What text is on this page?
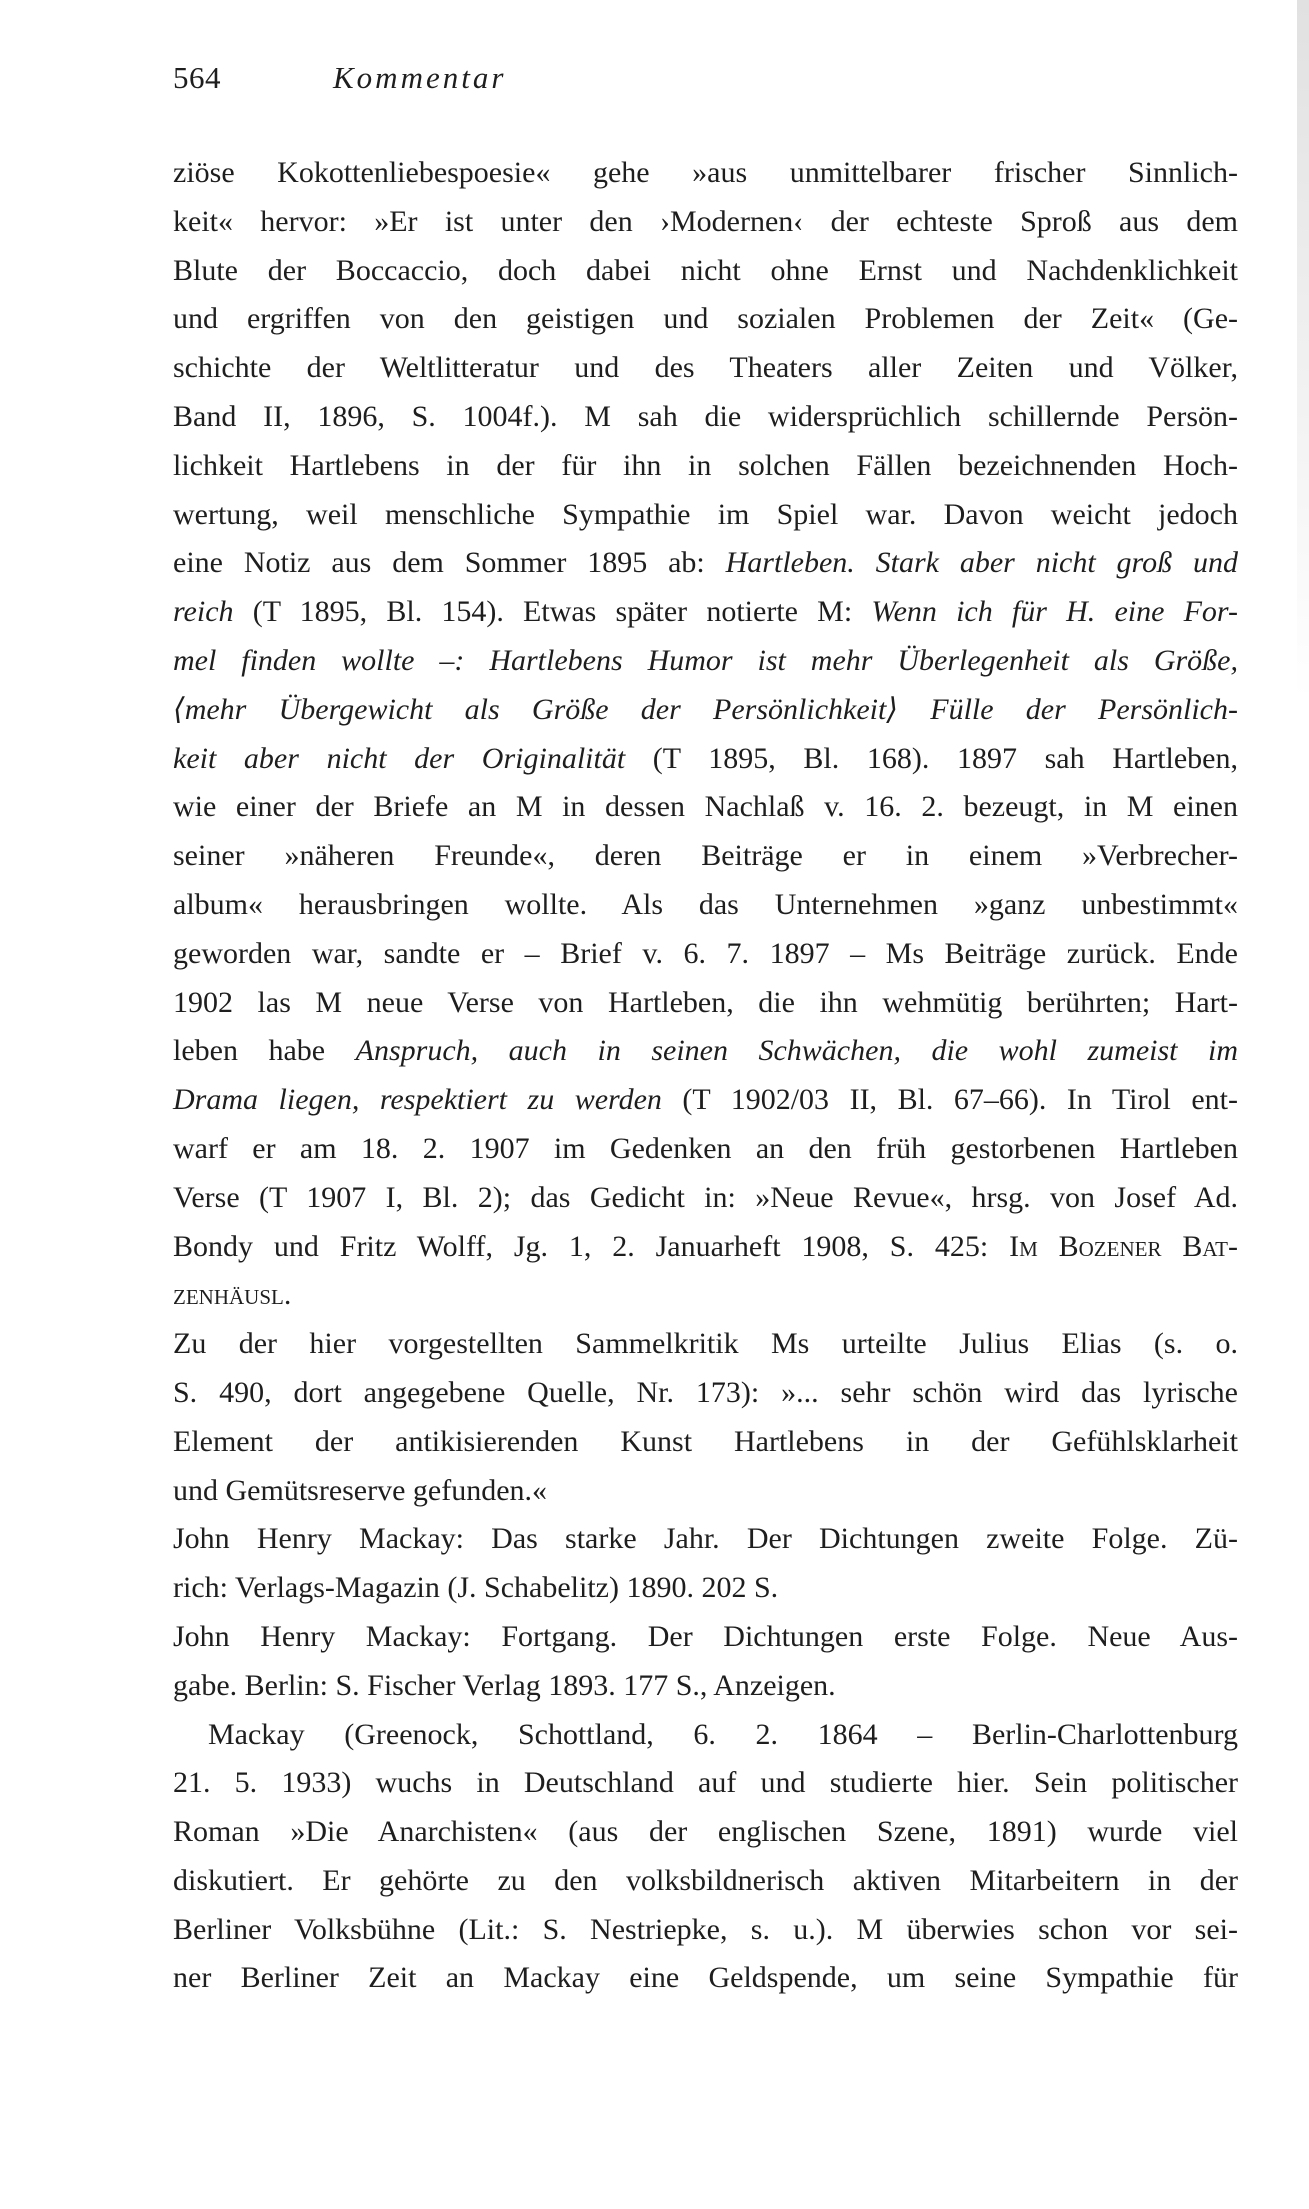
564	Kommentar
ziöse Kokottenliebespoesie« gehe »aus unmittelbarer frischer Sinnlich-
keit« hervor: »Er ist unter den ›Modernen‹ der echteste Sproß aus dem
Blute der Boccaccio, doch dabei nicht ohne Ernst und Nachdenklichkeit
und ergriffen von den geistigen und sozialen Problemen der Zeit« (Ge-
schichte der Weltlitteratur und des Theaters aller Zeiten und Völker,
Band II, 1896, S. 1004f.). M sah die widersprüchlich schillernde Persön-
lichkeit Hartlebens in der für ihn in solchen Fällen bezeichnenden Hoch-
wertung, weil menschliche Sympathie im Spiel war. Davon weicht jedoch
eine Notiz aus dem Sommer 1895 ab: Hartleben. Stark aber nicht groß und
reich (T 1895, Bl. 154). Etwas später notierte M: Wenn ich für H. eine For-
mel finden wollte –: Hartlebens Humor ist mehr Überlegenheit als Größe,
⟨mehr Übergewicht als Größe der Persönlichkeit⟩ Fülle der Persönlich-
keit aber nicht der Originalität (T 1895, Bl. 168). 1897 sah Hartleben,
wie einer der Briefe an M in dessen Nachlaß v. 16. 2. bezeugt, in M einen
seiner »näheren Freunde«, deren Beiträge er in einem »Verbrecher-
album« herausbringen wollte. Als das Unternehmen »ganz unbestimmt«
geworden war, sandte er – Brief v. 6. 7. 1897 – Ms Beiträge zurück. Ende
1902 las M neue Verse von Hartleben, die ihn wehmütig berührten; Hart-
leben habe Anspruch, auch in seinen Schwächen, die wohl zumeist im
Drama liegen, respektiert zu werden (T 1902/03 II, Bl. 67–66). In Tirol ent-
warf er am 18. 2. 1907 im Gedenken an den früh gestorbenen Hartleben
Verse (T 1907 I, Bl. 2); das Gedicht in: »Neue Revue«, hrsg. von Josef Ad.
Bondy und Fritz Wolff, Jg. 1, 2. Januarheft 1908, S. 425: Im Bozener Bat-
zenhäusl.
Zu der hier vorgestellten Sammelkritik Ms urteilte Julius Elias (s. o.
S. 490, dort angegebene Quelle, Nr. 173): »... sehr schön wird das lyrische
Element der antikisierenden Kunst Hartlebens in der Gefühlsklarheit
und Gemütsreserve gefunden.«
John Henry Mackay: Das starke Jahr. Der Dichtungen zweite Folge. Zü-
rich: Verlags-Magazin (J. Schabelitz) 1890. 202 S.
John Henry Mackay: Fortgang. Der Dichtungen erste Folge. Neue Aus-
gabe. Berlin: S. Fischer Verlag 1893. 177 S., Anzeigen.
Mackay (Greenock, Schottland, 6. 2. 1864 – Berlin-Charlottenburg
21. 5. 1933) wuchs in Deutschland auf und studierte hier. Sein politischer
Roman »Die Anarchisten« (aus der englischen Szene, 1891) wurde viel
diskutiert. Er gehörte zu den volksbildnerisch aktiven Mitarbeitern in der
Berliner Volksbühne (Lit.: S. Nestriepke, s. u.). M überwies schon vor sei-
ner Berliner Zeit an Mackay eine Geldspende, um seine Sympathie für
